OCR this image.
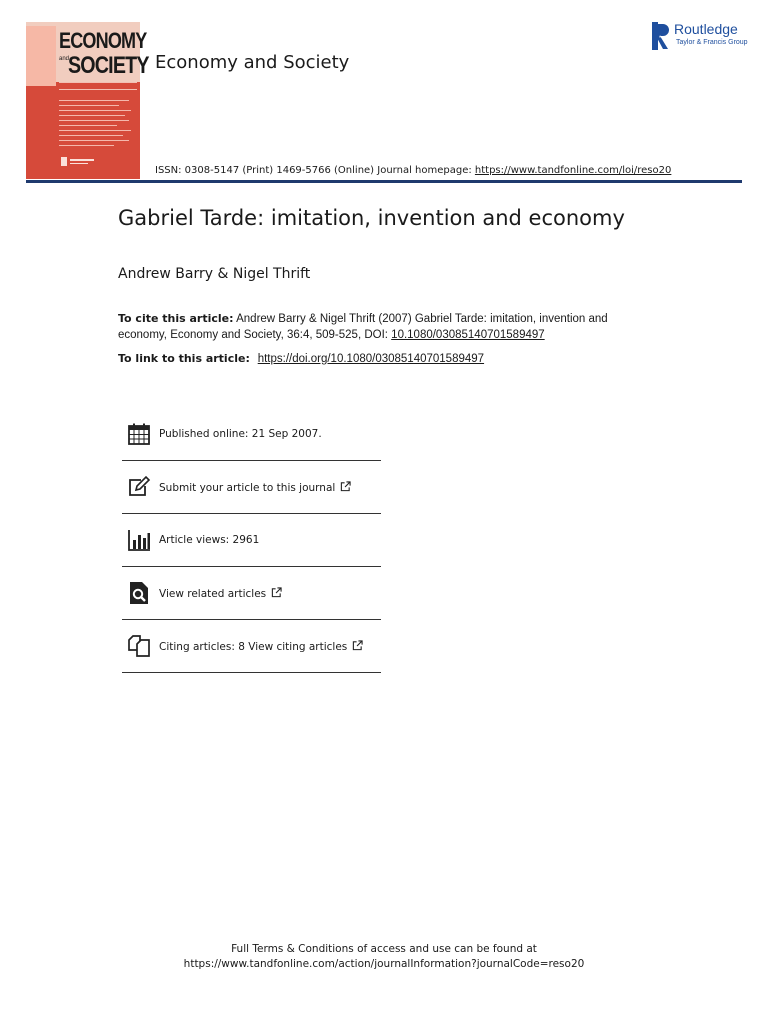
ECONOMY
and
SOCIETY Economy and Society
R Routledge
Taylor & Francis Group
ISSN: 0308-5147 (Print) 1469-5766 (Online) Journal homepage: https://www.tandfonline.com/loi/reso20
Gabriel Tarde: imitation, invention and economy
Andrew Barry & Nigel Thrift
To cite this article: Andrew Barry & Nigel Thrift (2007) Gabriel Tarde: imitation, invention and economy, Economy and Society, 36:4, 509-525, DOI: 10.1080/03085140701589497
To link to this article: https://doi.org/10.1080/03085140701589497
Published online: 21 Sep 2007.
Submit your article to this journal
Article views: 2961
View related articles
Citing articles: 8 View citing articles
Full Terms & Conditions of access and use can be found at
https://www.tandfonline.com/action/journalInformation?journalCode=reso20
